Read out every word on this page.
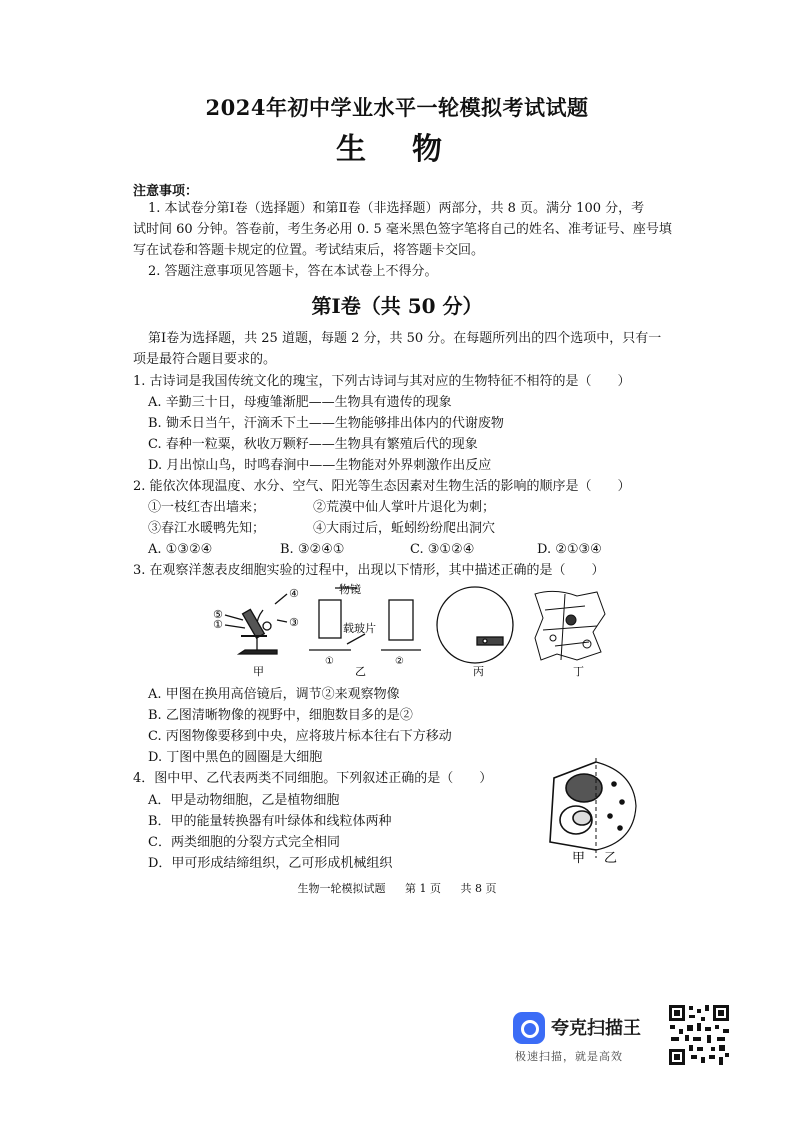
2024年初中学业水平一轮模拟考试试题
生物
注意事项：
1. 本试卷分第Ⅰ卷（选择题）和第Ⅱ卷（非选择题）两部分，共 8 页。满分 100 分，考
试时间 60 分钟。答卷前，考生务必用 0. 5 毫米黑色签字笔将自己的姓名、准考证号、座号填
写在试卷和答题卡规定的位置。考试结束后，将答题卡交回。
2. 答题注意事项见答题卡，答在本试卷上不得分。
第Ⅰ卷（共 50 分）
第Ⅰ卷为选择题，共 25 道题，每题 2 分，共 50 分。在每题所列出的四个选项中，只有一
项是最符合题目要求的。
1. 古诗词是我国传统文化的瑰宝，下列古诗词与其对应的生物特征不相符的是（　　）
A. 辛勤三十日，母瘦雏渐肥——生物具有遗传的现象
B. 锄禾日当午，汗滴禾下土——生物能够排出体内的代谢废物
C. 春种一粒粟，秋收万颗籽——生物具有繁殖后代的现象
D. 月出惊山鸟，时鸣春涧中——生物能对外界刺激作出反应
2. 能依次体现温度、水分、空气、阳光等生态因素对生物生活的影响的顺序是（　　）
①一枝红杏出墙来；	②荒漠中仙人掌叶片退化为刺；
③春江水暖鸭先知；	④大雨过后，蚯蚓纷纷爬出洞穴
A. ①③②④	B. ③②④①	C. ③①②④	D. ②①③④
3. 在观察洋葱表皮细胞实验的过程中，出现以下情形，其中描述正确的是（　　）
⑤
①
④
③
甲
物镜
载玻片
①	②
乙	丙	丁
A. 甲图在换用高倍镜后，调节②来观察物像
B. 乙图清晰物像的视野中，细胞数目多的是②
C. 丙图物像要移到中央，应将玻片标本往右下方移动
D. 丁图中黑色的圆圈是大细胞
4．图中甲、乙代表两类不同细胞。下列叙述正确的是（　　）
A．甲是动物细胞，乙是植物细胞
B．甲的能量转换器有叶绿体和线粒体两种
C．两类细胞的分裂方式完全相同
D．甲可形成结缔组织，乙可形成机械组织	甲 乙
生物一轮模拟试题 第 1 页 共 8 页
夸克扫描王
极速扫描，就是高效
